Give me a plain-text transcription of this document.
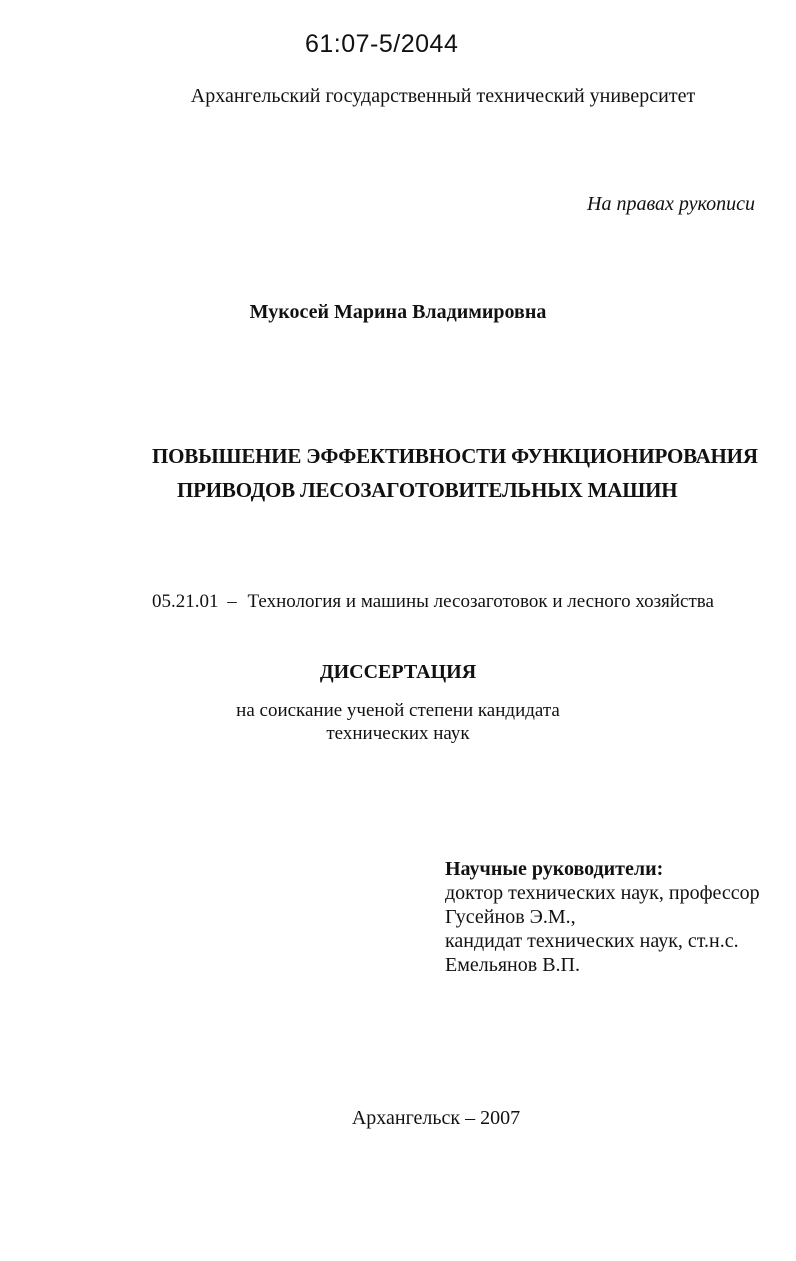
61:07-5/2044
Архангельский государственный технический университет
На правах рукописи
Мукосей Марина Владимировна
ПОВЫШЕНИЕ ЭФФЕКТИВНОСТИ ФУНКЦИОНИРОВАНИЯ
ПРИВОДОВ ЛЕСОЗАГОТОВИТЕЛЬНЫХ МАШИН
05.21.01 – Технология и машины лесозаготовок и лесного хозяйства
ДИССЕРТАЦИЯ
на соискание ученой степени кандидата
технических наук
Научные руководители:
доктор технических наук, профессор
Гусейнов Э.М.,
кандидат технических наук, ст.н.с.
Емельянов В.П.
Архангельск – 2007
